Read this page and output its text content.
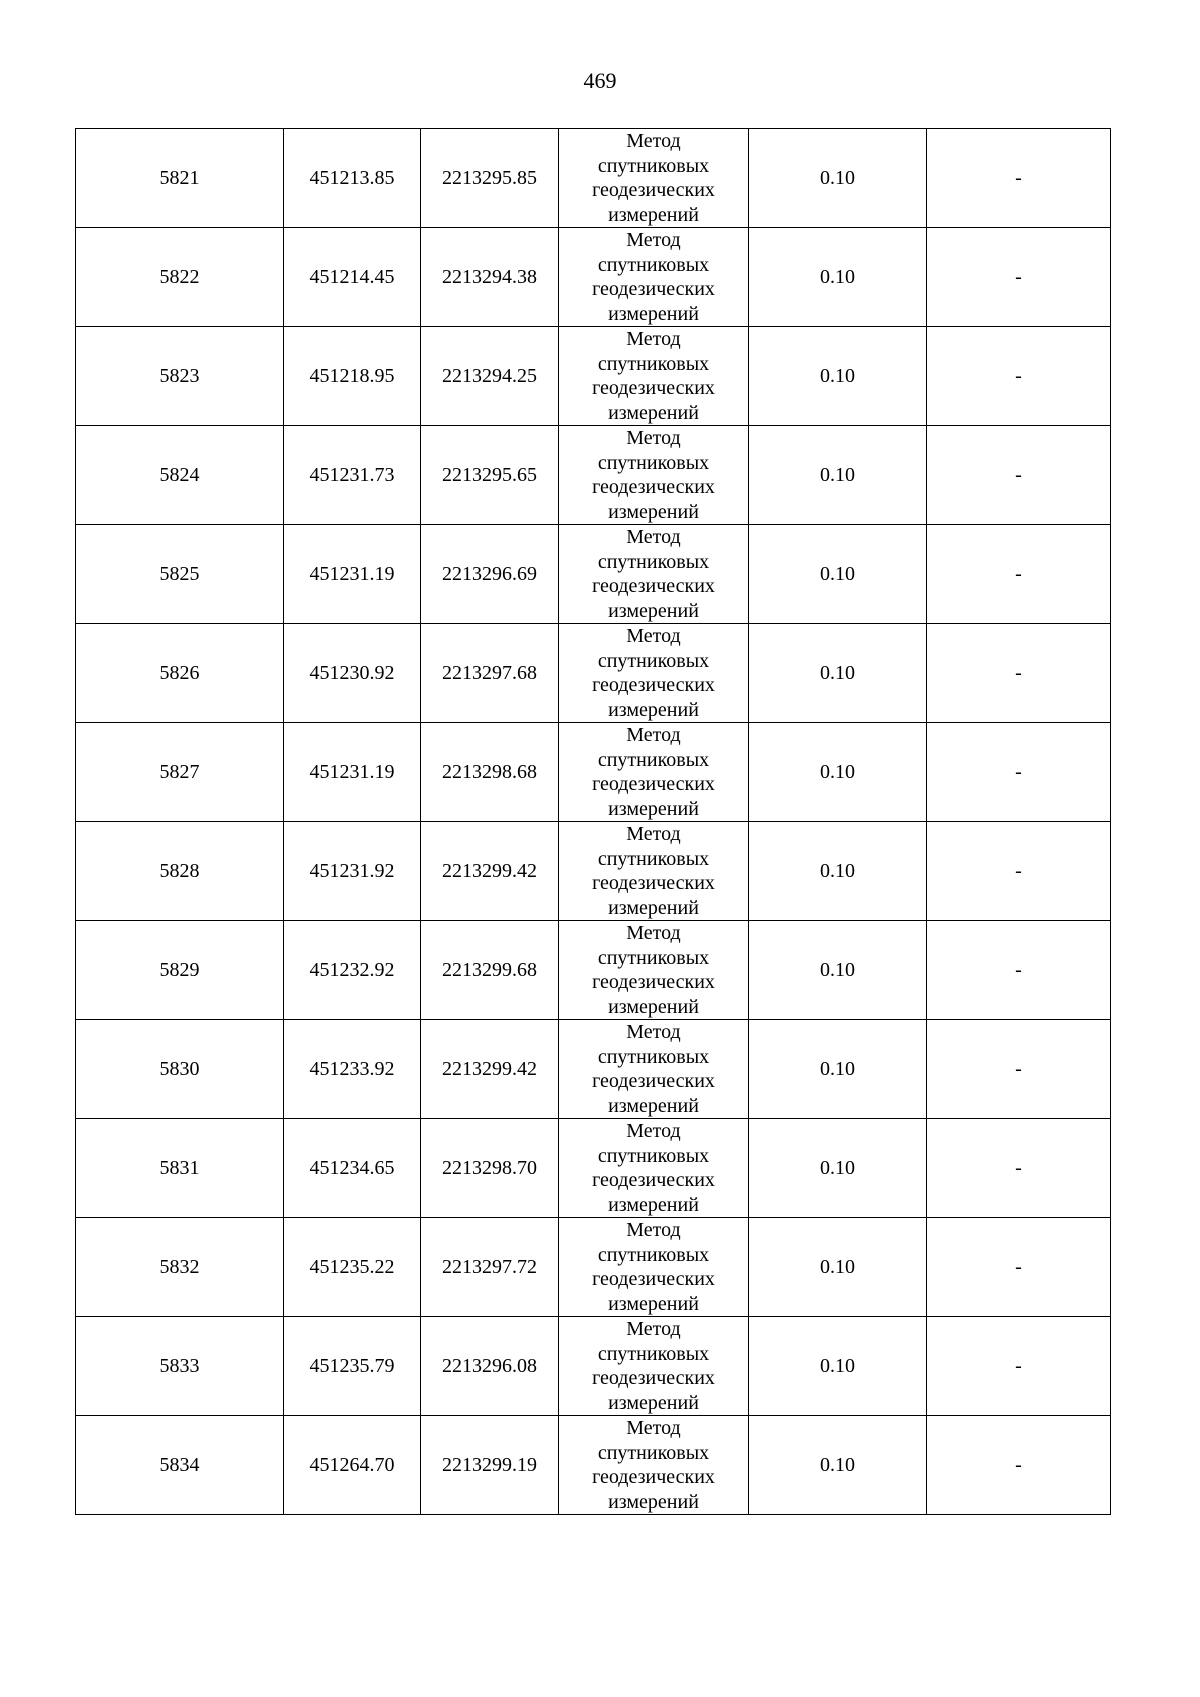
469
5821	451213.85	2213295.85	Метод
спутниковых
геодезических
измерений	0.10	-
5822	451214.45	2213294.38	Метод
спутниковых
геодезических
измерений	0.10	-
5823	451218.95	2213294.25	Метод
спутниковых
геодезических
измерений	0.10	-
5824	451231.73	2213295.65	Метод
спутниковых
геодезических
измерений	0.10	-
5825	451231.19	2213296.69	Метод
спутниковых
геодезических
измерений	0.10	-
5826	451230.92	2213297.68	Метод
спутниковых
геодезических
измерений	0.10	-
5827	451231.19	2213298.68	Метод
спутниковых
геодезических
измерений	0.10	-
5828	451231.92	2213299.42	Метод
спутниковых
геодезических
измерений	0.10	-
5829	451232.92	2213299.68	Метод
спутниковых
геодезических
измерений	0.10	-
5830	451233.92	2213299.42	Метод
спутниковых
геодезических
измерений	0.10	-
5831	451234.65	2213298.70	Метод
спутниковых
геодезических
измерений	0.10	-
5832	451235.22	2213297.72	Метод
спутниковых
геодезических
измерений	0.10	-
5833	451235.79	2213296.08	Метод
спутниковых
геодезических
измерений	0.10	-
5834	451264.70	2213299.19	Метод
спутниковых
геодезических
измерений	0.10	-
